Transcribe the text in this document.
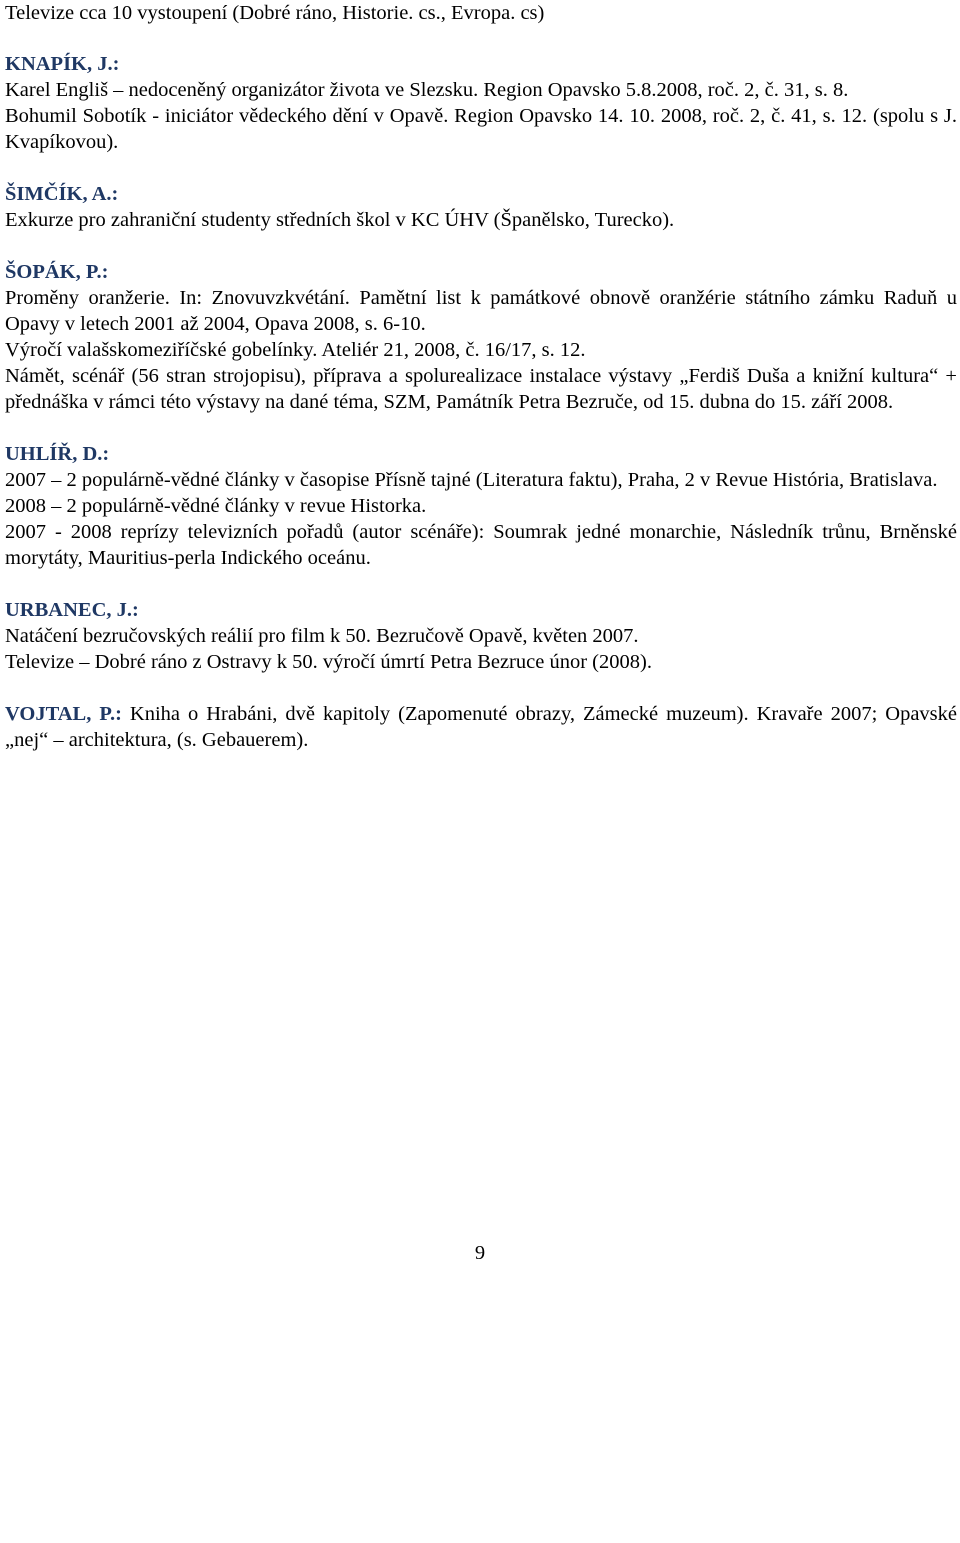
Televize cca 10 vystoupení (Dobré ráno, Historie. cs., Evropa. cs)

KNAPÍK, J.:

Karel Engliš – nedoceněný organizátor života ve Slezsku. Region Opavsko 5.8.2008, roč. 2, č. 31, s. 8.

Bohumil Sobotík - iniciátor vědeckého dění v Opavě. Region Opavsko 14. 10. 2008, roč. 2, č. 41, s. 12. (spolu s J. Kvapíkovou).

ŠIMČÍK, A.:

Exkurze pro zahraniční studenty středních škol v KC ÚHV (Španělsko, Turecko).

ŠOPÁK, P.:

Proměny oranžerie. In: Znovuvzkvétání. Pamětní list k památkové obnově oranžérie státního zámku Raduň u Opavy v letech 2001 až 2004, Opava 2008, s. 6-10.

Výročí valašskomeziříčské gobelínky. Ateliér 21, 2008, č. 16/17, s. 12.

Námět, scénář (56 stran strojopisu), příprava a spolurealizace instalace výstavy „Ferdiš Duša a knižní kultura“ + přednáška v rámci této výstavy na dané téma, SZM, Památník Petra Bezruče, od 15. dubna do 15. září 2008.

UHLÍŘ, D.:

2007 – 2 populárně-vědné články v časopise Přísně tajné (Literatura faktu), Praha, 2 v Revue História, Bratislava.

2008 – 2 populárně-vědné články v revue Historka.

2007 - 2008 reprízy televizních pořadů (autor scénáře): Soumrak jedné monarchie, Následník trůnu, Brněnské morytáty, Mauritius-perla Indického oceánu.

URBANEC, J.:

Natáčení bezručovských reálií pro film k 50. Bezručově Opavě, květen 2007.

Televize – Dobré ráno z Ostravy k 50. výročí úmrtí Petra Bezruce únor (2008).

VOJTAL, P.: Kniha o Hrabáni, dvě kapitoly (Zapomenuté obrazy, Zámecké muzeum). Kravaře 2007; Opavské „nej“ – architektura, (s. Gebauerem).

9
